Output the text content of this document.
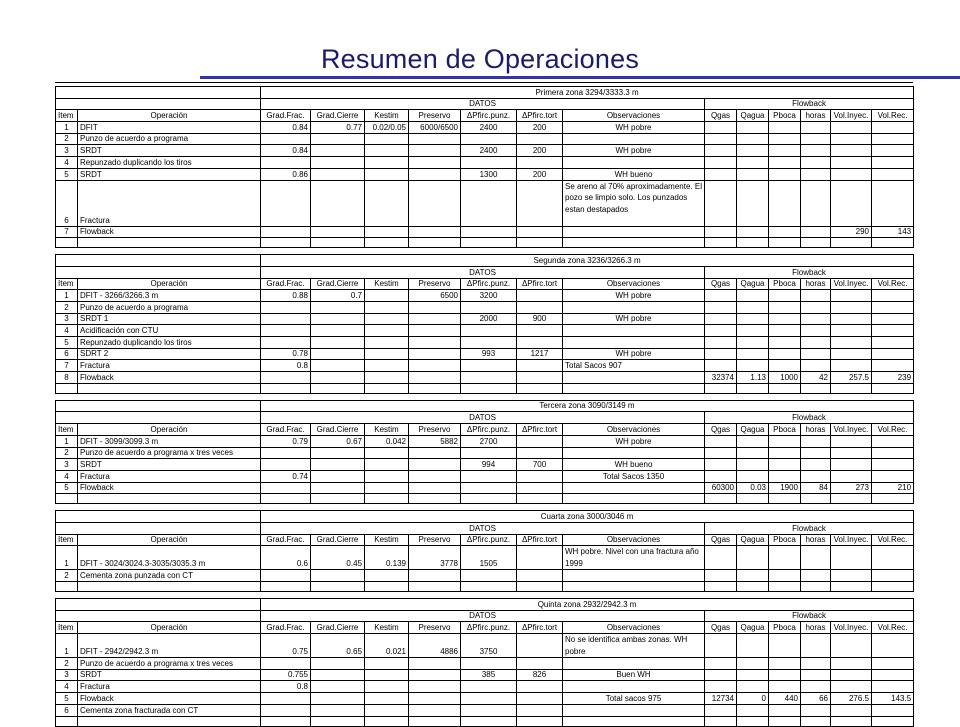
Resumen de Operaciones
		Primera zona 3294/3333.3 m												
		DATOS							Flowback					
Item	Operación	Grad.Frac.	Grad.Cierre	Kestim	Preservo	ΔPfirc.punz.	ΔPfirc.tort	Observaciones	Qgas	Qagua	Pboca	horas	Vol.Inyec.	Vol.Rec.
1	DFIT	0.84	0.77	0.02/0.05	6000/6500	2400	200	WH pobre						
2	Punzo de acuerdo a programa													
3	SRDT	0.84				2400	200	WH pobre						
4	Repunzado duplicando los tiros													
5	SRDT	0.86				1300	200	WH bueno						
6	Fractura							Se areno al 70% aproximadamente. El pozo se limpio solo. Los punzados estan destapados						
7	Flowback												290	143

		Segunda zona 3236/3266.3 m												
		DATOS							Flowback					
Item	Operación	Grad.Frac.	Grad.Cierre	Kestim	Preservo	ΔPfirc.punz.	ΔPfirc.tort	Observaciones	Qgas	Qagua	Pboca	horas	Vol.Inyec.	Vol.Rec.
1	DFIT - 3266/3266.3 m	0.88	0.7		6500	3200		WH pobre						
2	Punzo de acuerdo a programa													
3	SRDT 1					2000	900	WH pobre						
4	Acidificación con CTU													
5	Repunzado duplicando los tiros													
6	SDRT 2	0.78				993	1217	WH pobre						
7	Fractura	0.8						Total Sacos 907						
8	Flowback								32374	1.13	1000	42	257.5	239

		Tercera zona 3090/3149 m												
		DATOS							Flowback					
Item	Operación	Grad.Frac.	Grad.Cierre	Kestim	Preservo	ΔPfirc.punz.	ΔPfirc.tort	Observaciones	Qgas	Qagua	Pboca	horas	Vol.Inyec.	Vol.Rec.
1	DFIT - 3099/3099.3 m	0.79	0.67	0.042	5882	2700		WH pobre						
2	Punzo de acuerdo a programa x tres veces													
3	SRDT					994	700	WH bueno						
4	Fractura	0.74						Total Sacos 1350						
5	Flowback								60300	0.03	1900	84	273	210

		Cuarta zona 3000/3046 m												
		DATOS							Flowback					
Item	Operación	Grad.Frac.	Grad.Cierre	Kestim	Preservo	ΔPfirc.punz.	ΔPfirc.tort	Observaciones	Qgas	Qagua	Pboca	horas	Vol.Inyec.	Vol.Rec.
1	DFIT - 3024/3024.3-3035/3035.3 m	0.6	0.45	0.139	3778	1505		WH pobre. Nivel con una fractura año 1999						
2	Cementa zona punzada con CT													

		Quinta zona 2932/2942.3 m												
		DATOS							Flowback					
Item	Operación	Grad.Frac.	Grad.Cierre	Kestim	Preservo	ΔPfirc.punz.	ΔPfirc.tort	Observaciones	Qgas	Qagua	Pboca	horas	Vol.Inyec.	Vol.Rec.
1	DFIT - 2942/2942.3 m	0.75	0.65	0.021	4886	3750		No se identifica ambas zonas. WH pobre						
2	Punzo de acuerdo a programa x tres veces													
3	SRDT	0.755				385	826	Buen WH						
4	Fractura	0.8												
5	Flowback							Total sacos 975	12734	0	440	66	276.5	143.5
6	Cementa zona fracturada con CT													
